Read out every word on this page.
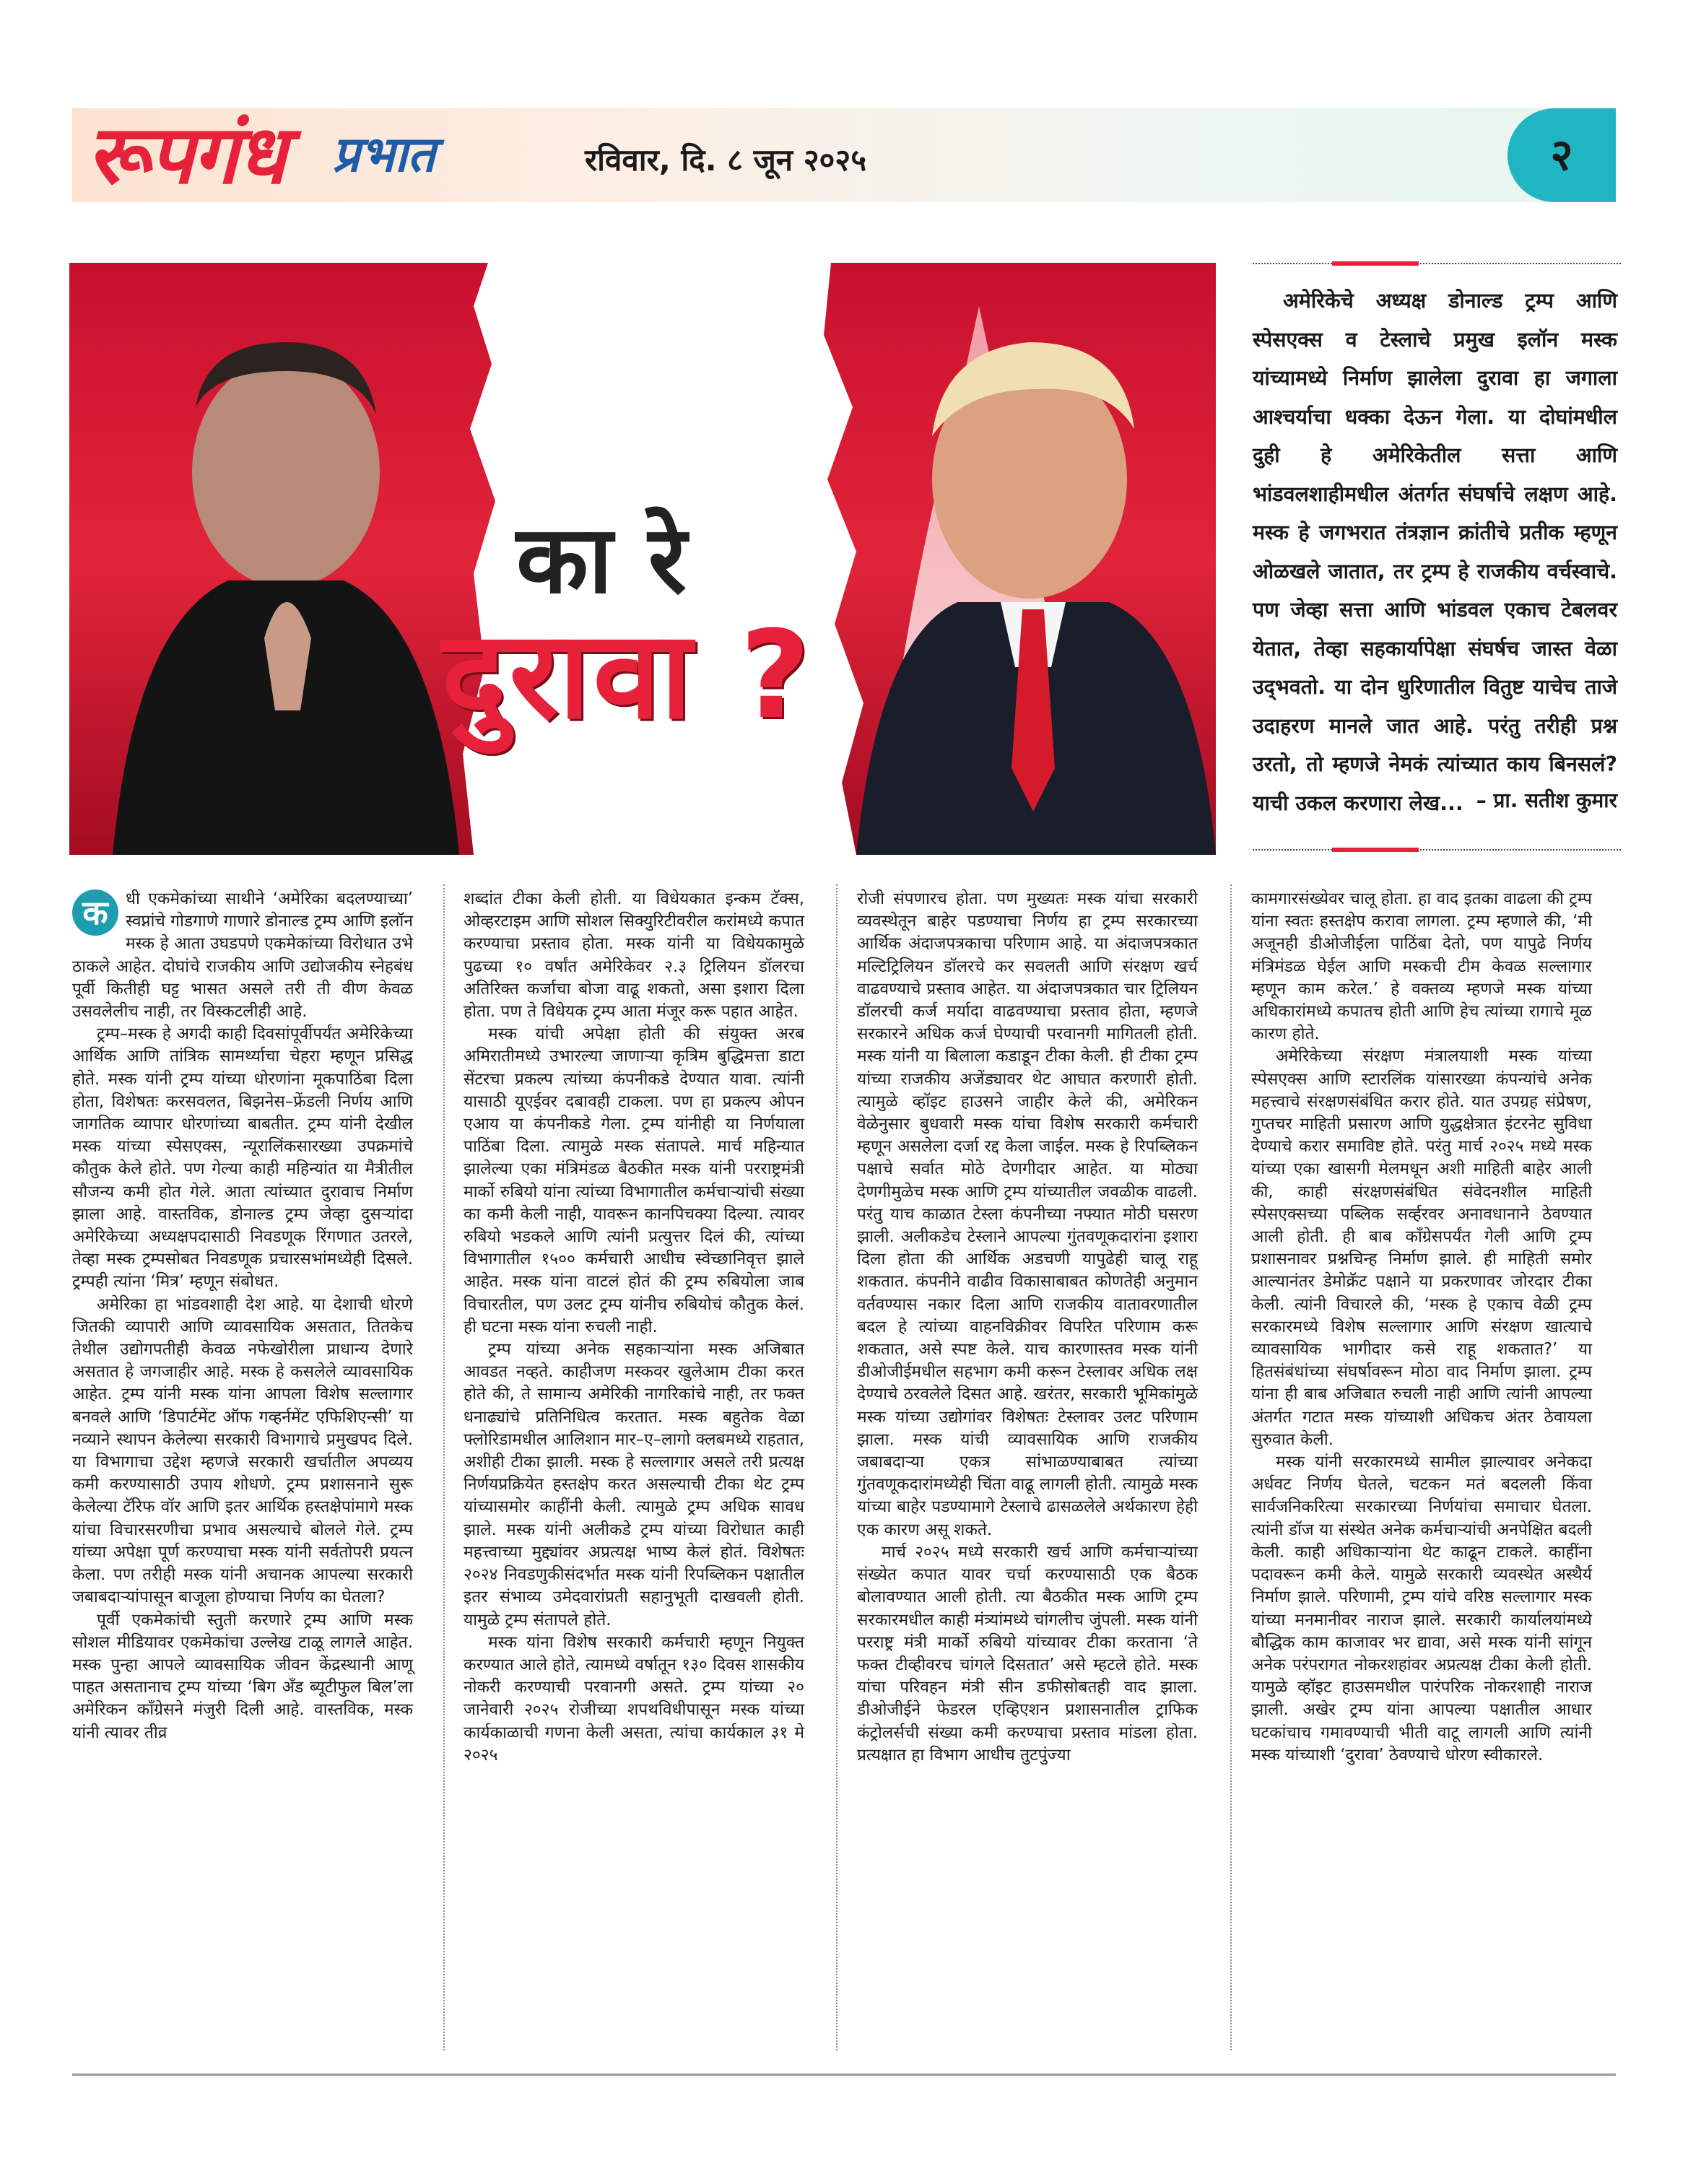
रूपगंध प्रभात	रविवार, दि. ८ जून २०२५	२
का रे
दुरावा ?
अमेरिकेचे अध्यक्ष डोनाल्ड ट्रम्प आणि स्पेसएक्स व टेस्लाचे प्रमुख इलॉन मस्क यांच्यामध्ये निर्माण झालेला दुरावा हा जगाला आश्चर्याचा धक्का देऊन गेला. या दोघांमधील दुही हे अमेरिकेतील सत्ता आणि भांडवलशाहीमधील अंतर्गत संघर्षाचे लक्षण आहे. मस्क हे जगभरात तंत्रज्ञान क्रांतीचे प्रतीक म्हणून ओळखले जातात, तर ट्रम्प हे राजकीय वर्चस्वाचे. पण जेव्हा सत्ता आणि भांडवल एकाच टेबलवर येतात, तेव्हा सहकार्यापेक्षा संघर्षच जास्त वेळा उद्‌भवतो. या दोन धुरिणातील वितुष्ट याचेच ताजे उदाहरण मानले जात आहे. परंतु तरीही प्रश्न उरतो, तो म्हणजे नेमकं त्यांच्यात काय बिनसलं? याची उकल करणारा लेख... – प्रा. सतीश कुमार
क	धी एकमेकांच्या साथीने ‘अमेरिका बदलण्याच्या’ स्वप्नांचे गोडगाणे गाणारे डोनाल्ड ट्रम्प आणि इलॉन मस्क हे आता उघडपणे एकमेकांच्या विरोधात उभे ठाकले आहेत. दोघांचे राजकीय आणि उद्योजकीय स्नेहबंध पूर्वी कितीही घट्ट भासत असले तरी ती वीण केवळ उसवलेलीच नाही, तर विस्कटलीही आहे.

ट्रम्प–मस्क हे अगदी काही दिवसांपूर्वीपर्यंत अमेरिकेच्या आर्थिक आणि तांत्रिक सामर्थ्याचा चेहरा म्हणून प्रसिद्ध होते. मस्क यांनी ट्रम्प यांच्या धोरणांना मूकपाठिंबा दिला होता, विशेषतः करसवलत, बिझनेस–फ्रेंडली निर्णय आणि जागतिक व्यापार धोरणांच्या बाबतीत. ट्रम्प यांनी देखील मस्क यांच्या स्पेसएक्स, न्यूरालिंकसारख्या उपक्रमांचे कौतुक केले होते. पण गेल्या काही महिन्यांत या मैत्रीतील सौजन्य कमी होत गेले. आता त्यांच्यात दुरावाच निर्माण झाला आहे. वास्तविक, डोनाल्ड ट्रम्प जेव्हा दुसऱ्यांदा अमेरिकेच्या अध्यक्षपदासाठी निवडणूक रिंगणात उतरले, तेव्हा मस्क ट्रम्पसोबत निवडणूक प्रचारसभांमध्येही दिसले. ट्रम्पही त्यांना ‘मित्र’ म्हणून संबोधत.

अमेरिका हा भांडवशाही देश आहे. या देशाची धोरणे जितकी व्यापारी आणि व्यावसायिक असतात, तितकेच तेथील उद्योगपतीही केवळ नफेखोरीला प्राधान्य देणारे असतात हे जगजाहीर आहे. मस्क हे कसलेले व्यावसायिक आहेत. ट्रम्प यांनी मस्क यांना आपला विशेष सल्लागार बनवले आणि ‘डिपार्टमेंट ऑफ गव्हर्नमेंट एफिशिएन्सी’ या नव्याने स्थापन केलेल्या सरकारी विभागाचे प्रमुखपद दिले. या विभागाचा उद्देश म्हणजे सरकारी खर्चातील अपव्यय कमी करण्यासाठी उपाय शोधणे. ट्रम्प प्रशासनाने सुरू केलेल्या टॅरिफ वॉर आणि इतर आर्थिक हस्तक्षेपांमागे मस्क यांचा विचारसरणीचा प्रभाव असल्याचे बोलले गेले. ट्रम्प यांच्या अपेक्षा पूर्ण करण्याचा मस्क यांनी सर्वतोपरी प्रयत्न केला. पण तरीही मस्क यांनी अचानक आपल्या सरकारी जबाबदाऱ्यांपासून बाजूला होण्याचा निर्णय का घेतला?

पूर्वी एकमेकांची स्तुती करणारे ट्रम्प आणि मस्क सोशल मीडियावर एकमेकांचा उल्लेख टाळू लागले आहेत. मस्क पुन्हा आपले व्यावसायिक जीवन केंद्रस्थानी आणू पाहत असतानाच ट्रम्प यांच्या ‘बिग अँड ब्यूटीफुल बिल’ला अमेरिकन काँग्रेसने मंजुरी दिली आहे. वास्तविक, मस्क यांनी त्यावर तीव्र

शब्दांत टीका केली होती. या विधेयकात इन्कम टॅक्स, ओव्हरटाइम आणि सोशल सिक्युरिटीवरील करांमध्ये कपात करण्याचा प्रस्ताव होता. मस्क यांनी या विधेयकामुळे पुढच्या १० वर्षांत अमेरिकेवर २.३ ट्रिलियन डॉलरचा अतिरिक्त कर्जाचा बोजा वाढू शकतो, असा इशारा दिला होता. पण ते विधेयक ट्रम्प आता मंजूर करू पहात आहेत.

मस्क यांची अपेक्षा होती की संयुक्त अरब अमिरातीमध्ये उभारल्या जाणाऱ्या कृत्रिम बुद्धिमत्ता डाटा सेंटरचा प्रकल्प त्यांच्या कंपनीकडे देण्यात यावा. त्यांनी यासाठी यूएईवर दबावही टाकला. पण हा प्रकल्प ओपन एआय या कंपनीकडे गेला. ट्रम्प यांनीही या निर्णयाला पाठिंबा दिला. त्यामुळे मस्क संतापले. मार्च महिन्यात झालेल्या एका मंत्रिमंडळ बैठकीत मस्क यांनी परराष्ट्रमंत्री मार्को रुबियो यांना त्यांच्या विभागातील कर्मचाऱ्यांची संख्या का कमी केली नाही, यावरून कानपिचक्या दिल्या. त्यावर रुबियो भडकले आणि त्यांनी प्रत्युत्तर दिलं की, त्यांच्या विभागातील १५०० कर्मचारी आधीच स्वेच्छानिवृत्त झाले आहेत. मस्क यांना वाटलं होतं की ट्रम्प रुबियोला जाब विचारतील, पण उलट ट्रम्प यांनीच रुबियोचं कौतुक केलं. ही घटना मस्क यांना रुचली नाही.

ट्रम्प यांच्या अनेक सहकाऱ्यांना मस्क अजिबात आवडत नव्हते. काहीजण मस्कवर खुलेआम टीका करत होते की, ते सामान्य अमेरिकी नागरिकांचे नाही, तर फक्त धनाढ्यांचे प्रतिनिधित्व करतात. मस्क बहुतेक वेळा फ्लोरिडामधील आलिशान मार–ए–लागो क्लबमध्ये राहतात, अशीही टीका झाली. मस्क हे सल्लागार असले तरी प्रत्यक्ष निर्णयप्रक्रियेत हस्तक्षेप करत असल्याची टीका थेट ट्रम्प यांच्यासमोर काहींनी केली. त्यामुळे ट्रम्प अधिक सावध झाले. मस्क यांनी अलीकडे ट्रम्प यांच्या विरोधात काही महत्त्वाच्या मुद्द्यांवर अप्रत्यक्ष भाष्य केलं होतं. विशेषतः २०२४ निवडणुकीसंदर्भात मस्क यांनी रिपब्लिकन पक्षातील इतर संभाव्य उमेदवारांप्रती सहानुभूती दाखवली होती. यामुळे ट्रम्प संतापले होते.

मस्क यांना विशेष सरकारी कर्मचारी म्हणून नियुक्त करण्यात आले होते, त्यामध्ये वर्षातून १३० दिवस शासकीय नोकरी करण्याची परवानगी असते. ट्रम्प यांच्या २० जानेवारी २०२५ रोजीच्या शपथविधीपासून मस्क यांच्या कार्यकाळाची गणना केली असता, त्यांचा कार्यकाल ३१ मे २०२५

रोजी संपणारच होता. पण मुख्यतः मस्क यांचा सरकारी व्यवस्थेतून बाहेर पडण्याचा निर्णय हा ट्रम्प सरकारच्या आर्थिक अंदाजपत्रकाचा परिणाम आहे. या अंदाजपत्रकात मल्टिट्रिलियन डॉलरचे कर सवलती आणि संरक्षण खर्च वाढवण्याचे प्रस्ताव आहेत. या अंदाजपत्रकात चार ट्रिलियन डॉलरची कर्ज मर्यादा वाढवण्याचा प्रस्ताव होता, म्हणजे सरकारने अधिक कर्ज घेण्याची परवानगी मागितली होती. मस्क यांनी या बिलाला कडाडून टीका केली. ही टीका ट्रम्प यांच्या राजकीय अजेंड्यावर थेट आघात करणारी होती. त्यामुळे व्हॉइट हाउसने जाहीर केले की, अमेरिकन वेळेनुसार बुधवारी मस्क यांचा विशेष सरकारी कर्मचारी म्हणून असलेला दर्जा रद्द केला जाईल. मस्क हे रिपब्लिकन पक्षाचे सर्वात मोठे देणगीदार आहेत. या मोठ्या देणगीमुळेच मस्क आणि ट्रम्प यांच्यातील जवळीक वाढली. परंतु याच काळात टेस्ला कंपनीच्या नफ्यात मोठी घसरण झाली. अलीकडेच टेस्लाने आपल्या गुंतवणूकदारांना इशारा दिला होता की आर्थिक अडचणी यापुढेही चालू राहू शकतात. कंपनीने वाढीव विकासाबाबत कोणतेही अनुमान वर्तवण्यास नकार दिला आणि राजकीय वातावरणातील बदल हे त्यांच्या वाहनविक्रीवर विपरित परिणाम करू शकतात, असे स्पष्ट केले. याच कारणास्तव मस्क यांनी डीओजीईमधील सहभाग कमी करून टेस्लावर अधिक लक्ष देण्याचे ठरवलेले दिसत आहे. खरंतर, सरकारी भूमिकांमुळे मस्क यांच्या उद्योगांवर विशेषतः टेस्लावर उलट परिणाम झाला. मस्क यांची व्यावसायिक आणि राजकीय जबाबदाऱ्या एकत्र सांभाळण्याबाबत त्यांच्या गुंतवणूकदारांमध्येही चिंता वाढू लागली होती. त्यामुळे मस्क यांच्या बाहेर पडण्यामागे टेस्लाचे ढासळलेले अर्थकारण हेही एक कारण असू शकते.

मार्च २०२५ मध्ये सरकारी खर्च आणि कर्मचाऱ्यांच्या संख्येत कपात यावर चर्चा करण्यासाठी एक बैठक बोलावण्यात आली होती. त्या बैठकीत मस्क आणि ट्रम्प सरकारमधील काही मंत्र्यांमध्ये चांगलीच जुंपली. मस्क यांनी परराष्ट्र मंत्री मार्को रुबियो यांच्यावर टीका करताना ‘ते फक्त टीव्हीवरच चांगले दिसतात’ असे म्हटले होते. मस्क यांचा परिवहन मंत्री सीन डफीसोबतही वाद झाला. डीओजीईने फेडरल एव्हिएशन प्रशासनातील ट्राफिक कंट्रोलर्सची संख्या कमी करण्याचा प्रस्ताव मांडला होता. प्रत्यक्षात हा विभाग आधीच तुटपुंज्या

कामगारसंख्येवर चालू होता. हा वाद इतका वाढला की ट्रम्प यांना स्वतः हस्तक्षेप करावा लागला. ट्रम्प म्हणाले की, ‘मी अजूनही डीओजीईला पाठिंबा देतो, पण यापुढे निर्णय मंत्रिमंडळ घेईल आणि मस्कची टीम केवळ सल्लागार म्हणून काम करेल.’ हे वक्तव्य म्हणजे मस्क यांच्या अधिकारांमध्ये कपातच होती आणि हेच त्यांच्या रागाचे मूळ कारण होते.

अमेरिकेच्या संरक्षण मंत्रालयाशी मस्क यांच्या स्पेसएक्स आणि स्टारलिंक यांसारख्या कंपन्यांचे अनेक महत्त्वाचे संरक्षणसंबंधित करार होते. यात उपग्रह संप्रेषण, गुप्तचर माहिती प्रसारण आणि युद्धक्षेत्रात इंटरनेट सुविधा देण्याचे करार समाविष्ट होते. परंतु मार्च २०२५ मध्ये मस्क यांच्या एका खासगी मेलमधून अशी माहिती बाहेर आली की, काही संरक्षणसंबंधित संवेदनशील माहिती स्पेसएक्सच्या पब्लिक सर्व्हरवर अनावधानाने ठेवण्यात आली होती. ही बाब काँग्रेसपर्यंत गेली आणि ट्रम्प प्रशासनावर प्रश्नचिन्ह निर्माण झाले. ही माहिती समोर आल्यानंतर डेमोक्रॅट पक्षाने या प्रकरणावर जोरदार टीका केली. त्यांनी विचारले की, ‘मस्क हे एकाच वेळी ट्रम्प सरकारमध्ये विशेष सल्लागार आणि संरक्षण खात्याचे व्यावसायिक भागीदार कसे राहू शकतात?’ या हितसंबंधांच्या संघर्षावरून मोठा वाद निर्माण झाला. ट्रम्प यांना ही बाब अजिबात रुचली नाही आणि त्यांनी आपल्या अंतर्गत गटात मस्क यांच्याशी अधिकच अंतर ठेवायला सुरुवात केली.

मस्क यांनी सरकारमध्ये सामील झाल्यावर अनेकदा अर्धवट निर्णय घेतले, चटकन मतं बदलली किंवा सार्वजनिकरित्या सरकारच्या निर्णयांचा समाचार घेतला. त्यांनी डॉज या संस्थेत अनेक कर्मचाऱ्यांची अनपेक्षित बदली केली. काही अधिकाऱ्यांना थेट काढून टाकले. काहींना पदावरून कमी केले. यामुळे सरकारी व्यवस्थेत अस्थैर्य निर्माण झाले. परिणामी, ट्रम्प यांचे वरिष्ठ सल्लागार मस्क यांच्या मनमानीवर नाराज झाले. सरकारी कार्यालयांमध्ये बौद्धिक काम काजावर भर द्यावा, असे मस्क यांनी सांगून अनेक परंपरागत नोकरशहांवर अप्रत्यक्ष टीका केली होती. यामुळे व्हॉइट हाउसमधील पारंपरिक नोकरशाही नाराज झाली. अखेर ट्रम्प यांना आपल्या पक्षातील आधार घटकांचाच गमावण्याची भीती वाटू लागली आणि त्यांनी मस्क यांच्याशी ‘दुरावा’ ठेवण्याचे धोरण स्वीकारले.
